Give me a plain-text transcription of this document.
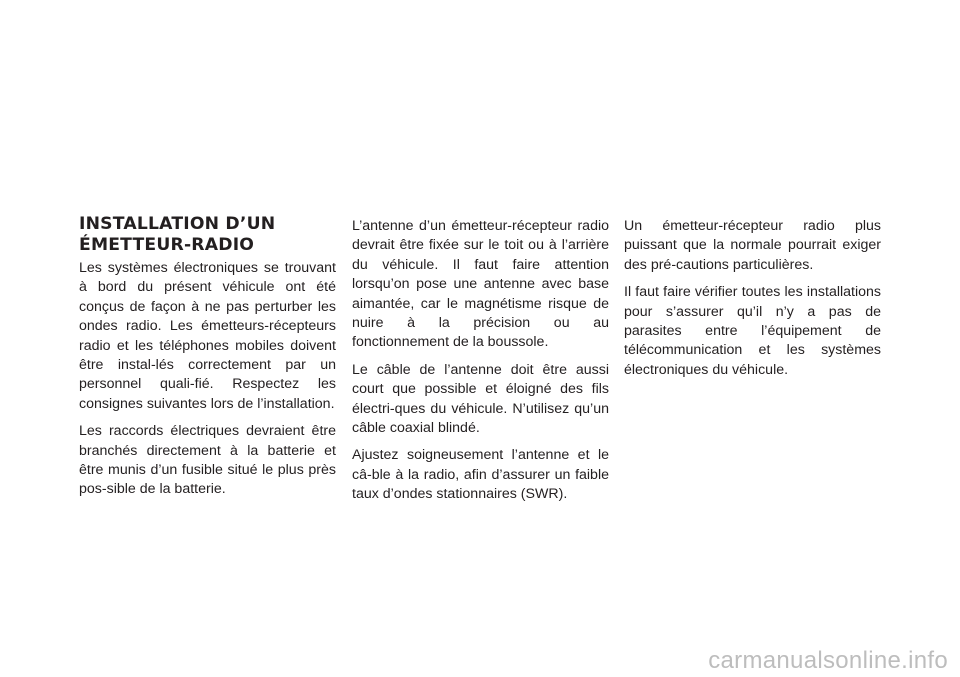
INSTALLATION D’UN
ÉMETTEUR-RADIO

Les systèmes électroniques se trouvant à bord du présent véhicule ont été conçus de façon à ne pas perturber les ondes radio. Les émetteurs-récepteurs radio et les téléphones mobiles doivent être instal-lés correctement par un personnel quali-fié. Respectez les consignes suivantes lors de l’installation.

Les raccords électriques devraient être branchés directement à la batterie et être munis d’un fusible situé le plus près pos-sible de la batterie.

L’antenne d’un émetteur-récepteur radio devrait être fixée sur le toit ou à l’arrière du véhicule. Il faut faire attention lorsqu’on pose une antenne avec base aimantée, car le magnétisme risque de nuire à la précision ou au fonctionnement de la boussole.

Le câble de l’antenne doit être aussi court que possible et éloigné des fils électri-ques du véhicule. N’utilisez qu’un câble coaxial blindé.

Ajustez soigneusement l’antenne et le câ-ble à la radio, afin d’assurer un faible taux d’ondes stationnaires (SWR).

Un émetteur-récepteur radio plus puissant que la normale pourrait exiger des pré-cautions particulières.

Il faut faire vérifier toutes les installations pour s’assurer qu’il n’y a pas de parasites entre l’équipement de télécommunication et les systèmes électroniques du véhicule.

carmanualsonline.info
